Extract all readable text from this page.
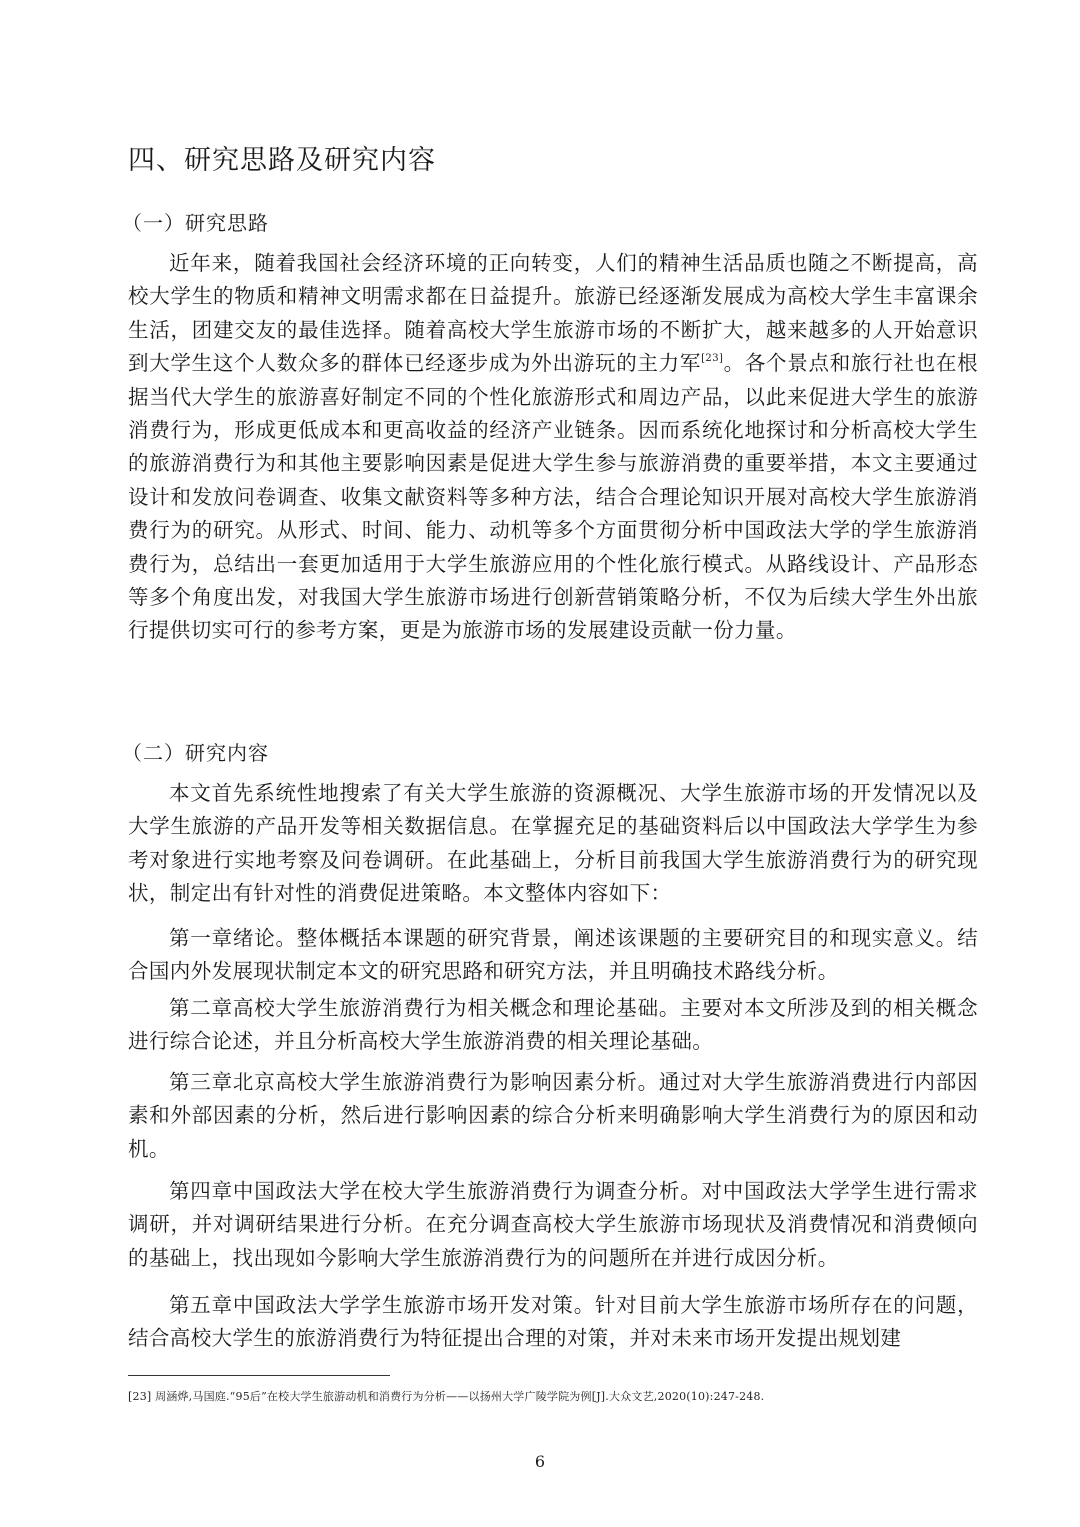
四、研究思路及研究内容
（一）研究思路

近年来，随着我国社会经济环境的正向转变，人们的精神生活品质也随之不断提高，高校大学生的物质和精神文明需求都在日益提升。旅游已经逐渐发展成为高校大学生丰富课余生活，团建交友的最佳选择。随着高校大学生旅游市场的不断扩大，越来越多的人开始意识到大学生这个人数众多的群体已经逐步成为外出游玩的主力军[23]。各个景点和旅行社也在根据当代大学生的旅游喜好制定不同的个性化旅游形式和周边产品，以此来促进大学生的旅游消费行为，形成更低成本和更高收益的经济产业链条。因而系统化地探讨和分析高校大学生的旅游消费行为和其他主要影响因素是促进大学生参与旅游消费的重要举措，本文主要通过设计和发放问卷调查、收集文献资料等多种方法，结合合理论知识开展对高校大学生旅游消费行为的研究。从形式、时间、能力、动机等多个方面贯彻分析中国政法大学的学生旅游消费行为，总结出一套更加适用于大学生旅游应用的个性化旅行模式。从路线设计、产品形态等多个角度出发，对我国大学生旅游市场进行创新营销策略分析，不仅为后续大学生外出旅行提供切实可行的参考方案，更是为旅游市场的发展建设贡献一份力量。

（二）研究内容

本文首先系统性地搜索了有关大学生旅游的资源概况、大学生旅游市场的开发情况以及大学生旅游的产品开发等相关数据信息。在掌握充足的基础资料后以中国政法大学学生为参考对象进行实地考察及问卷调研。在此基础上，分析目前我国大学生旅游消费行为的研究现状，制定出有针对性的消费促进策略。本文整体内容如下：

第一章绪论。整体概括本课题的研究背景，阐述该课题的主要研究目的和现实意义。结合国内外发展现状制定本文的研究思路和研究方法，并且明确技术路线分析。

第二章高校大学生旅游消费行为相关概念和理论基础。主要对本文所涉及到的相关概念进行综合论述，并且分析高校大学生旅游消费的相关理论基础。

第三章北京高校大学生旅游消费行为影响因素分析。通过对大学生旅游消费进行内部因素和外部因素的分析，然后进行影响因素的综合分析来明确影响大学生消费行为的原因和动机。

第四章中国政法大学在校大学生旅游消费行为调查分析。对中国政法大学学生进行需求调研，并对调研结果进行分析。在充分调查高校大学生旅游市场现状及消费情况和消费倾向的基础上，找出现如今影响大学生旅游消费行为的问题所在并进行成因分析。

第五章中国政法大学学生旅游市场开发对策。针对目前大学生旅游市场所存在的问题，结合高校大学生的旅游消费行为特征提出合理的对策，并对未来市场开发提出规划建

[23] 周涵烨,马国庭.“95后”在校大学生旅游动机和消费行为分析——以扬州大学广陵学院为例[J].大众文艺,2020(10):247-248.
6
